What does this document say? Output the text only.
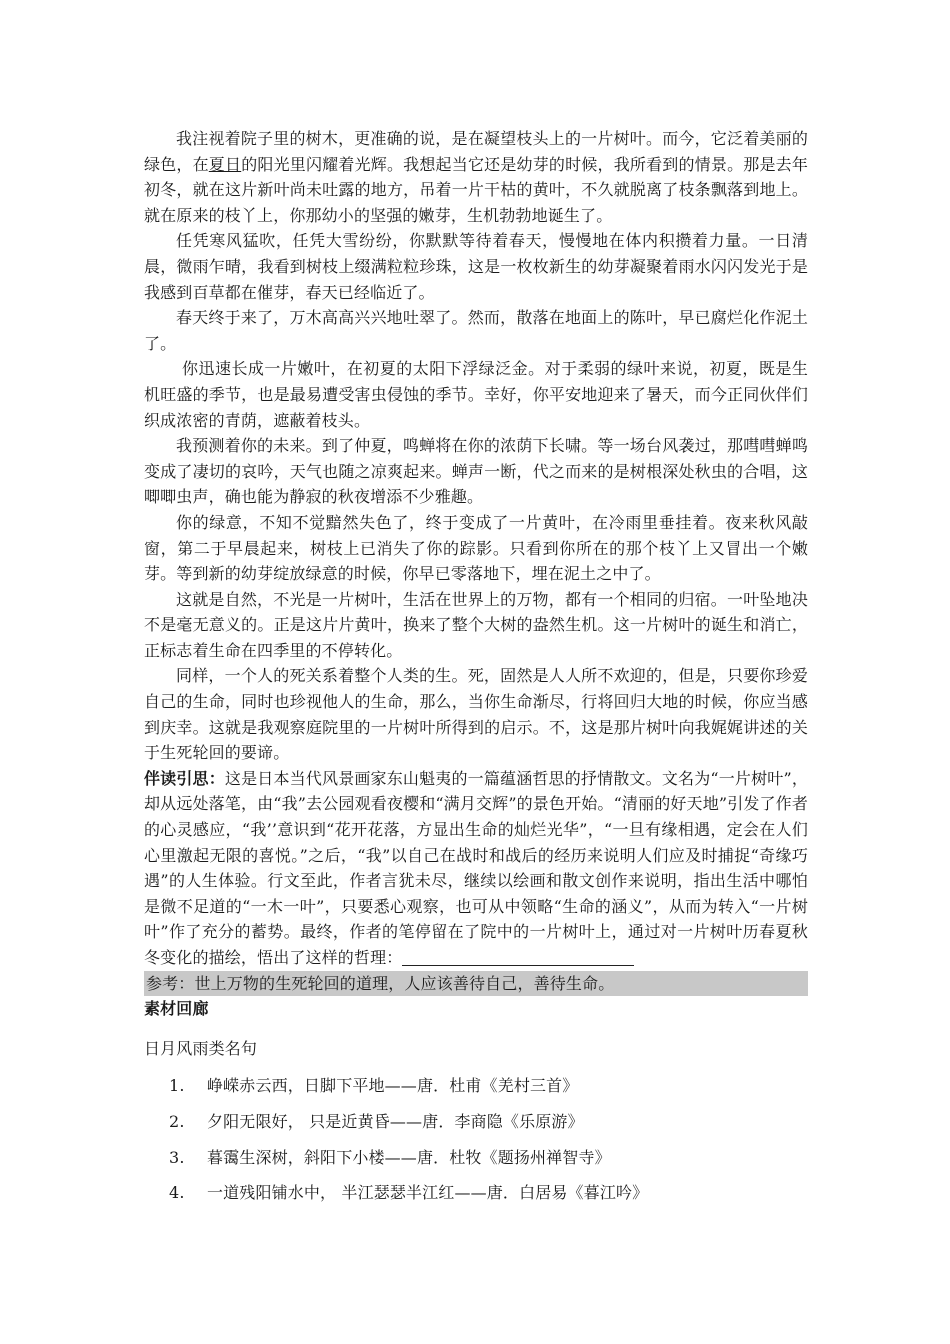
我注视着院子里的树木，更准确的说，是在凝望枝头上的一片树叶。而今，它泛着美丽的绿色，在夏日的阳光里闪耀着光辉。我想起当它还是幼芽的时候，我所看到的情景。那是去年初冬，就在这片新叶尚未吐露的地方，吊着一片干枯的黄叶，不久就脱离了枝条飘落到地上。就在原来的枝丫上，你那幼小的坚强的嫩芽，生机勃勃地诞生了。

任凭寒风猛吹，任凭大雪纷纷，你默默等待着春天，慢慢地在体内积攒着力量。一日清晨，微雨乍晴，我看到树枝上缀满粒粒珍珠，这是一枚枚新生的幼芽凝聚着雨水闪闪发光于是我感到百草都在催芽，春天已经临近了。

春天终于来了，万木高高兴兴地吐翠了。然而，散落在地面上的陈叶，早已腐烂化作泥土了。

你迅速长成一片嫩叶，在初夏的太阳下浮绿泛金。对于柔弱的绿叶来说，初夏，既是生机旺盛的季节，也是最易遭受害虫侵蚀的季节。幸好，你平安地迎来了暑天，而今正同伙伴们织成浓密的青荫，遮蔽着枝头。

我预测着你的未来。到了仲夏，鸣蝉将在你的浓荫下长啸。等一场台风袭过，那嘒嘒蝉鸣变成了凄切的哀吟，天气也随之凉爽起来。蝉声一断，代之而来的是树根深处秋虫的合唱，这唧唧虫声，确也能为静寂的秋夜增添不少雅趣。

你的绿意，不知不觉黯然失色了，终于变成了一片黄叶，在冷雨里垂挂着。夜来秋风敲窗，第二于早晨起来，树枝上已消失了你的踪影。只看到你所在的那个枝丫上又冒出一个嫩芽。等到新的幼芽绽放绿意的时候，你早已零落地下，埋在泥土之中了。

这就是自然，不光是一片树叶，生活在世界上的万物，都有一个相同的归宿。一叶坠地决不是毫无意义的。正是这片片黄叶，换来了整个大树的盎然生机。这一片树叶的诞生和消亡，正标志着生命在四季里的不停转化。

同样，一个人的死关系着整个人类的生。死，固然是人人所不欢迎的，但是，只要你珍爱自己的生命，同时也珍视他人的生命，那么，当你生命渐尽，行将回归大地的时候，你应当感到庆幸。这就是我观察庭院里的一片树叶所得到的启示。不，这是那片树叶向我娓娓讲述的关于生死轮回的要谛。

伴读引思：这是日本当代风景画家东山魁夷的一篇蕴涵哲思的抒情散文。文名为“一片树叶”，却从远处落笔，由“我”去公园观看夜樱和“满月交辉”的景色开始。“清丽的好天地”引发了作者的心灵感应，“我’’意识到“花开花落，方显出生命的灿烂光华”，“一旦有缘相遇，定会在人们心里激起无限的喜悦。”之后，“我”以自己在战时和战后的经历来说明人们应及时捕捉“奇缘巧遇”的人生体验。行文至此，作者言犹未尽，继续以绘画和散文创作来说明，指出生活中哪怕是微不足道的“一木一叶”，只要悉心观察，也可从中领略“生命的涵义”，从而为转入“一片树叶”作了充分的蓄势。最终，作者的笔停留在了院中的一片树叶上，通过对一片树叶历春夏秋冬变化的描绘，悟出了这样的哲理：

参考：世上万物的生死轮回的道理，人应该善待自己，善待生命。

素材回廊

日月风雨类名句

1. 峥嵘赤云西，日脚下平地——唐．杜甫《羌村三首》
2. 夕阳无限好， 只是近黄昏——唐．李商隐《乐原游》
3. 暮霭生深树，斜阳下小楼——唐．杜牧《题扬州禅智寺》
4. 一道残阳铺水中， 半江瑟瑟半江红——唐．白居易《暮江吟》
